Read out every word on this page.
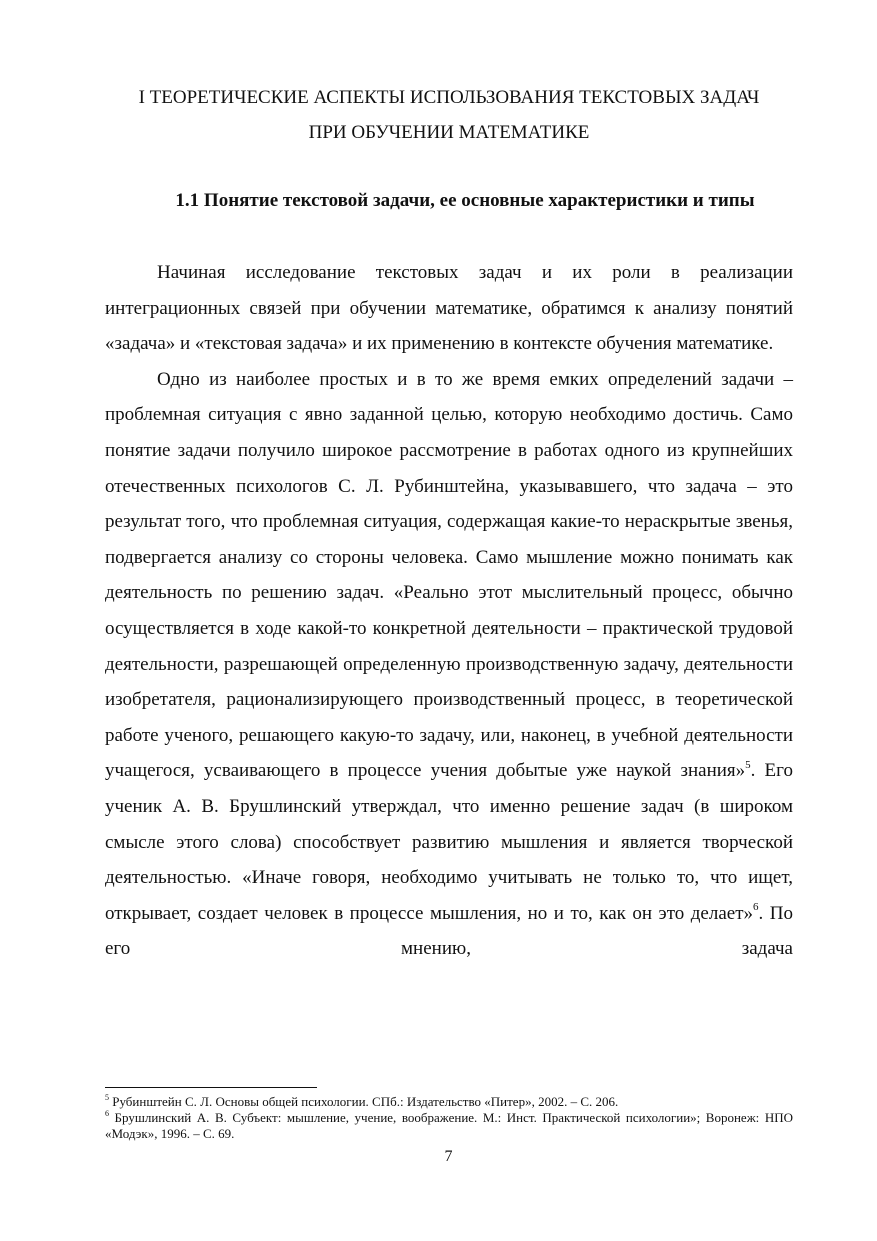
I ТЕОРЕТИЧЕСКИЕ АСПЕКТЫ ИСПОЛЬЗОВАНИЯ ТЕКСТОВЫХ ЗАДАЧ
ПРИ ОБУЧЕНИИ МАТЕМАТИКЕ
1.1 Понятие текстовой задачи, ее основные характеристики и типы

Начиная исследование текстовых задач и их роли в реализации интеграционных связей при обучении математике, обратимся к анализу понятий «задача» и «текстовая задача» и их применению в контексте обучения математике.

Одно из наиболее простых и в то же время емких определений задачи – проблемная ситуация с явно заданной целью, которую необходимо достичь. Само понятие задачи получило широкое рассмотрение в работах одного из крупнейших отечественных психологов С. Л. Рубинштейна, указывавшего, что задача – это результат того, что проблемная ситуация, содержащая какие-то нераскрытые звенья, подвергается анализу со стороны человека. Само мышление можно понимать как деятельность по решению задач. «Реально этот мыслительный процесс, обычно осуществляется в ходе какой-то конкретной деятельности – практической трудовой деятельности, разрешающей определенную производственную задачу, деятельности изобретателя, рационализирующего производственный процесс, в теоретической работе ученого, решающего какую-то задачу, или, наконец, в учебной деятельности учащегося, усваивающего в процессе учения добытые уже наукой знания»$^5$. Его ученик А. В. Брушлинский утверждал, что именно решение задач (в широком смысле этого слова) способствует развитию мышления и является творческой деятельностью. «Иначе говоря, необходимо учитывать не только то, что ищет, открывает, создает человек в процессе мышления, но и то, как он это делает»$^6$. По его мнению, задача

$^5$ Рубинштейн С. Л. Основы общей психологии. СПб.: Издательство «Питер», 2002. – С. 206.

$^6$ Брушлинский А. В. Субъект: мышление, учение, воображение. М.: Инст. Практической психологии»; Воронеж: НПО «Модэк», 1996. – С. 69.

7
